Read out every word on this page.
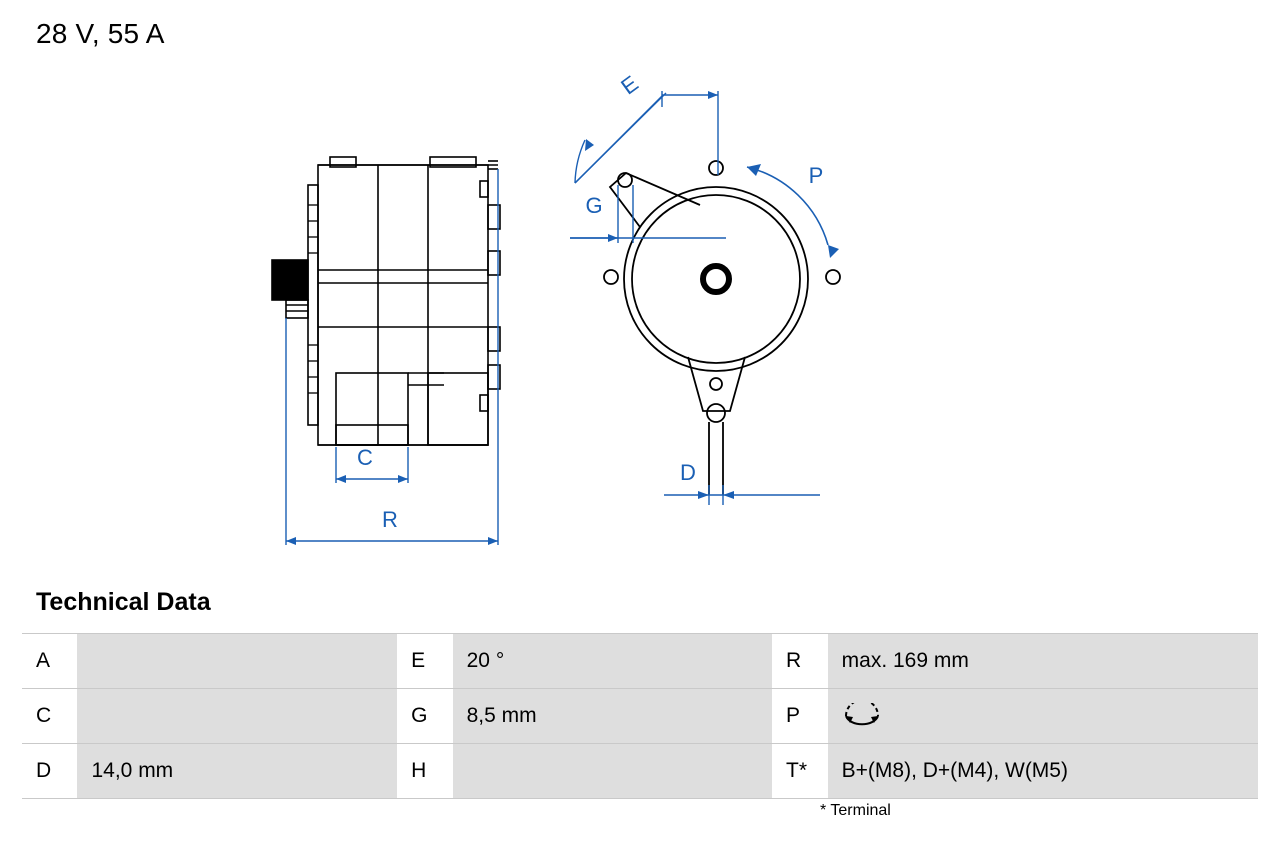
28 V, 55 A
C
R
E
G
P
D
Technical Data
A		E	20 °	R	max. 169 mm
C		G	8,5 mm	P	
D	14,0 mm	H		T*	B+(M8), D+(M4), W(M5)
* Terminal
